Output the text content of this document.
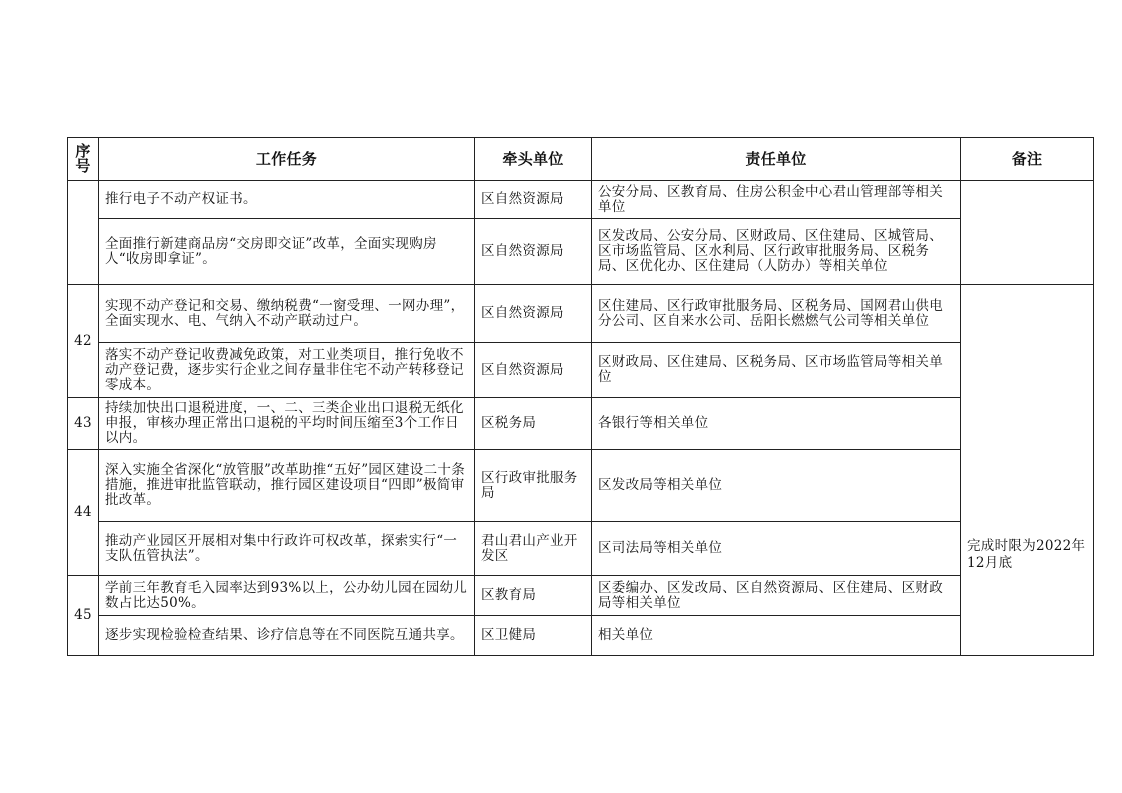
序号	工作任务	牵头单位	责任单位	备注
	推行电子不动产权证书。	区自然资源局	公安分局、区教育局、住房公积金中心君山管理部等相关单位	
	全面推行新建商品房“交房即交证”改革，全面实现购房人“收房即拿证”。	区自然资源局	区发改局、公安分局、区财政局、区住建局、区城管局、区市场监管局、区水利局、区行政审批服务局、区税务局、区优化办、区住建局（人防办）等相关单位	
42	实现不动产登记和交易、缴纳税费“一窗受理、一网办理”，全面实现水、电、气纳入不动产联动过户。	区自然资源局	区住建局、区行政审批服务局、区税务局、国网君山供电分公司、区自来水公司、岳阳长燃燃气公司等相关单位	完成时限为2022年12月底

	落实不动产登记收费减免政策，对工业类项目，推行免收不动产登记费，逐步实行企业之间存量非住宅不动产转移登记零成本。	区自然资源局	区财政局、区住建局、区税务局、区市场监管局等相关单位	
43	持续加快出口退税进度，一、二、三类企业出口退税无纸化申报，审核办理正常出口退税的平均时间压缩至3个工作日以内。	区税务局	各银行等相关单位	
44	深入实施全省深化“放管服”改革助推“五好”园区建设二十条措施，推进审批监管联动，推行园区建设项目“四即”极简审批改革。	区行政审批服务局	区发改局等相关单位	
	推动产业园区开展相对集中行政许可权改革，探索实行“一支队伍管执法”。	君山君山产业开发区	区司法局等相关单位	
45	学前三年教育毛入园率达到93%以上，公办幼儿园在园幼儿数占比达50%。	区教育局	区委编办、区发改局、区自然资源局、区住建局、区财政局等相关单位	
	逐步实现检验检查结果、诊疗信息等在不同医院互通共享。	区卫健局	相关单位	
